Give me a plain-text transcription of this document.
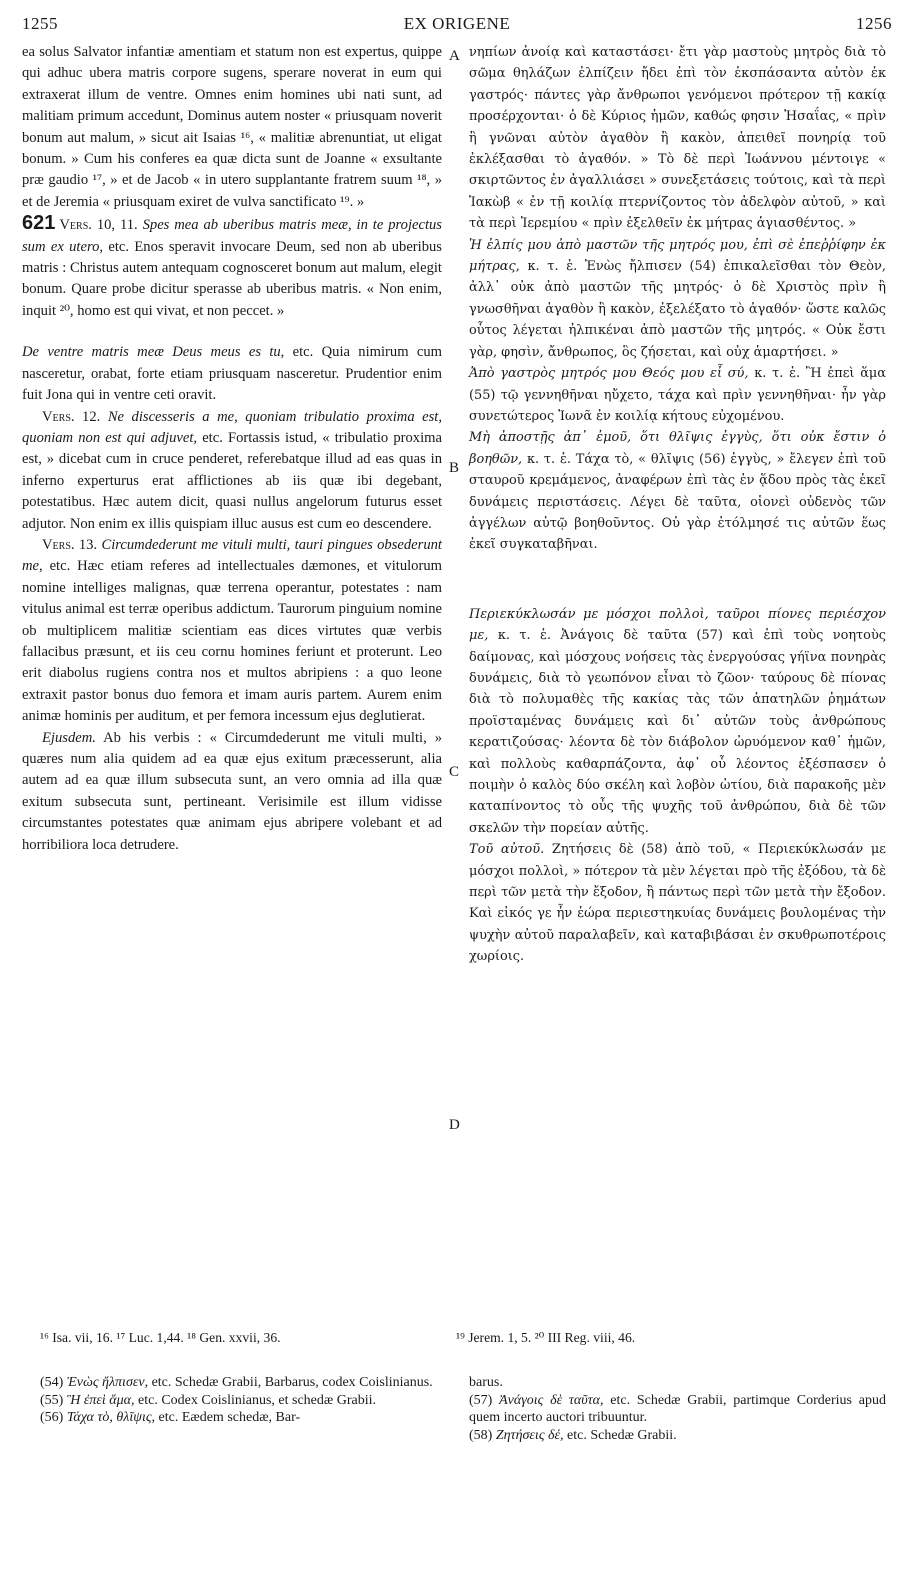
1255	EX ORIGENE	1256
A
B
C
D

ea solus Salvator infantiæ amentiam et statum non est expertus, quippe qui adhuc ubera matris corpore sugens, sperare noverat in eum qui extraxerat illum de ventre. Omnes enim homines ubi nati sunt, ad malitiam primum accedunt, Dominus autem noster « priusquam noverit bonum aut malum, » sicut ait Isaias ¹⁶, « malitiæ abrenuntiat, ut eligat bonum. » Cum his conferes ea quæ dicta sunt de Joanne « exsultante præ gaudio ¹⁷, » et de Jacob « in utero supplantante fratrem suum ¹⁸, » et de Jeremia « priusquam exiret de vulva sanctificato ¹⁹. »

621 Vers. 10, 11. Spes mea ab uberibus matris meæ, in te projectus sum ex utero, etc. Enos speravit invocare Deum, sed non ab uberibus matris : Christus autem antequam cognosceret bonum aut malum, elegit bonum. Quare probe dicitur sperasse ab uberibus matris. « Non enim, inquit ²⁰, homo est qui vivat, et non peccet. »

De ventre matris meæ Deus meus es tu, etc. Quia nimirum cum nasceretur, orabat, forte etiam priusquam nasceretur. Prudentior enim fuit Jona qui in ventre ceti oravit.

Vers. 12. Ne discesseris a me, quoniam tribulatio proxima est, quoniam non est qui adjuvet, etc. Fortassis istud, « tribulatio proxima est, » dicebat cum in cruce penderet, referebatque illud ad eas quas in inferno experturus erat afflictiones ab iis quæ ibi degebant, potestatibus. Hæc autem dicit, quasi nullus angelorum futurus esset adjutor. Non enim ex illis quispiam illuc ausus est cum eo descendere.

Vers. 13. Circumdederunt me vituli multi, tauri pingues obsederunt me, etc. Hæc etiam referes ad intellectuales dæmones, et vitulorum nomine intelliges malignas, quæ terrena operantur, potestates : nam vitulus animal est terræ operibus addictum. Taurorum pinguium nomine ob multiplicem malitiæ scientiam eas dices virtutes quæ verbis fallacibus præsunt, et iis ceu cornu homines feriunt et proterunt. Leo erit diabolus rugiens contra nos et multos abripiens : a quo leone extraxit pastor bonus duo femora et imam auris partem. Aurem enim animæ hominis per auditum, et per femora incessum ejus deglutierat.

Ejusdem. Ab his verbis : « Circumdederunt me vituli multi, » quæres num alia quidem ad ea quæ ejus exitum præcesserunt, alia autem ad ea quæ illum subsecuta sunt, an vero omnia ad illa quæ exitum subsecuta sunt, pertineant. Verisimile est illum vidisse circumstantes potestates quæ animam ejus abripere volebant et ad horribiliora loca detrudere.

νηπίων ἀνοίᾳ καὶ καταστάσει· ἔτι γὰρ μαστοὺς μητρὸς διὰ τὸ σῶμα θηλάζων ἐλπίζειν ἤδει ἐπὶ τὸν ἐκσπάσαντα αὐτὸν ἐκ γαστρός· πάντες γὰρ ἄνθρωποι γενόμενοι πρότερον τῇ κακίᾳ προσέρχονται· ὁ δὲ Κύριος ἡμῶν, καθώς φησιν Ἡσαΐας, « πρὶν ἢ γνῶναι αὐτὸν ἀγαθὸν ἢ κακὸν, ἀπειθεῖ πονηρίᾳ τοῦ ἐκλέξασθαι τὸ ἀγαθόν. » Τὸ δὲ περὶ Ἰωάννου μέντοιγε « σκιρτῶντος ἐν ἀγαλλιάσει » συνεξετάσεις τούτοις, καὶ τὰ περὶ Ἰακὼβ « ἐν τῇ κοιλίᾳ πτερνίζοντος τὸν ἀδελφὸν αὐτοῦ, » καὶ τὰ περὶ Ἱερεμίου « πρὶν ἐξελθεῖν ἐκ μήτρας ἁγιασθέντος. »

Ἡ ἐλπίς μου ἀπὸ μαστῶν τῆς μητρός μου, ἐπὶ σὲ ἐπεῤῥίφην ἐκ μήτρας, κ. τ. ἑ. Ἐνὼς ἤλπισεν (54) ἐπικαλεῖσθαι τὸν Θεὸν, ἀλλ᾽ οὐκ ἀπὸ μαστῶν τῆς μητρός· ὁ δὲ Χριστὸς πρὶν ἢ γνωσθῆναι ἀγαθὸν ἢ κακὸν, ἐξελέξατο τὸ ἀγαθόν· ὥστε καλῶς οὗτος λέγεται ἠλπικέναι ἀπὸ μαστῶν τῆς μητρός. « Οὐκ ἔστι γὰρ, φησὶν, ἄνθρωπος, ὃς ζήσεται, καὶ οὐχ ἁμαρτήσει. »

Ἀπὸ γαστρὸς μητρός μου Θεός μου εἶ σύ, κ. τ. ἑ. Ἣ ἐπεὶ ἅμα (55) τῷ γεννηθῆναι ηὔχετο, τάχα καὶ πρὶν γεννηθῆναι· ἦν γὰρ συνετώτερος Ἰωνᾶ ἐν κοιλίᾳ κήτους εὐχομένου.

Μὴ ἀποστῇς ἀπ᾽ ἐμοῦ, ὅτι θλῖψις ἐγγὺς, ὅτι οὐκ ἔστιν ὁ βοηθῶν, κ. τ. ἑ. Τάχα τὸ, « θλῖψις (56) ἐγγὺς, » ἔλεγεν ἐπὶ τοῦ σταυροῦ κρεμάμενος, ἀναφέρων ἐπὶ τὰς ἐν ᾅδου πρὸς τὰς ἐκεῖ δυνάμεις περιστάσεις. Λέγει δὲ ταῦτα, οἱονεὶ οὐδενὸς τῶν ἀγγέλων αὐτῷ βοηθοῦντος. Οὐ γὰρ ἐτόλμησέ τις αὐτῶν ἕως ἐκεῖ συγκαταβῆναι.

Περιεκύκλωσάν με μόσχοι πολλοὶ, ταῦροι πίονες περιέσχον με, κ. τ. ἑ. Ἀνάγοις δὲ ταῦτα (57) καὶ ἐπὶ τοὺς νοητοὺς δαίμονας, καὶ μόσχους νοήσεις τὰς ἐνεργούσας γήϊνα πονηρὰς δυνάμεις, διὰ τὸ γεωπόνον εἶναι τὸ ζῶον· ταύρους δὲ πίονας διὰ τὸ πολυμαθὲς τῆς κακίας τὰς τῶν ἀπατηλῶν ῥημάτων προϊσταμένας δυνάμεις καὶ δι᾽ αὐτῶν τοὺς ἀνθρώπους κερατιζούσας· λέοντα δὲ τὸν διάβολον ὠρυόμενον καθ᾽ ἡμῶν, καὶ πολλοὺς καθαρπάζοντα, ἀφ᾽ οὗ λέοντος ἐξέσπασεν ὁ ποιμὴν ὁ καλὸς δύο σκέλη καὶ λοβὸν ὠτίου, διὰ παρακοῆς μὲν καταπίνοντος τὸ οὖς τῆς ψυχῆς τοῦ ἀνθρώπου, διὰ δὲ τῶν σκελῶν τὴν πορείαν αὐτῆς.

Τοῦ αὐτοῦ. Ζητήσεις δὲ (58) ἀπὸ τοῦ, « Περιεκύκλωσάν με μόσχοι πολλοὶ, » πότερον τὰ μὲν λέγεται πρὸ τῆς ἐξόδου, τὰ δὲ περὶ τῶν μετὰ τὴν ἔξοδον, ἢ πάντως περὶ τῶν μετὰ τὴν ἔξοδον. Καὶ εἰκός γε ἦν ἑώρα περιεστηκυίας δυνάμεις βουλομένας τὴν ψυχὴν αὐτοῦ παραλαβεῖν, καὶ καταβιβάσαι ἐν σκυθρωποτέροις χωρίοις.

¹⁶ Isa. vii, 16. ¹⁷ Luc. 1,44. ¹⁸ Gen. xxvii, 36.	¹⁹ Jerem. 1, 5. ²⁰ III Reg. viii, 46.

(54) Ἐνὼς ἤλπισεν, etc. Schedæ Grabii, Barbarus, codex Coislinianus.

(55) Ἣ ἐπεὶ ἅμα, etc. Codex Coislinianus, et schedæ Grabii.

(56) Τάχα τὸ, θλῖψις, etc. Eædem schedæ, Bar-

barus.

(57) Ἀνάγοις δὲ ταῦτα, etc. Schedæ Grabii, partimque Corderius apud quem incerto auctori tribuuntur.

(58) Ζητήσεις δέ, etc. Schedæ Grabii.
